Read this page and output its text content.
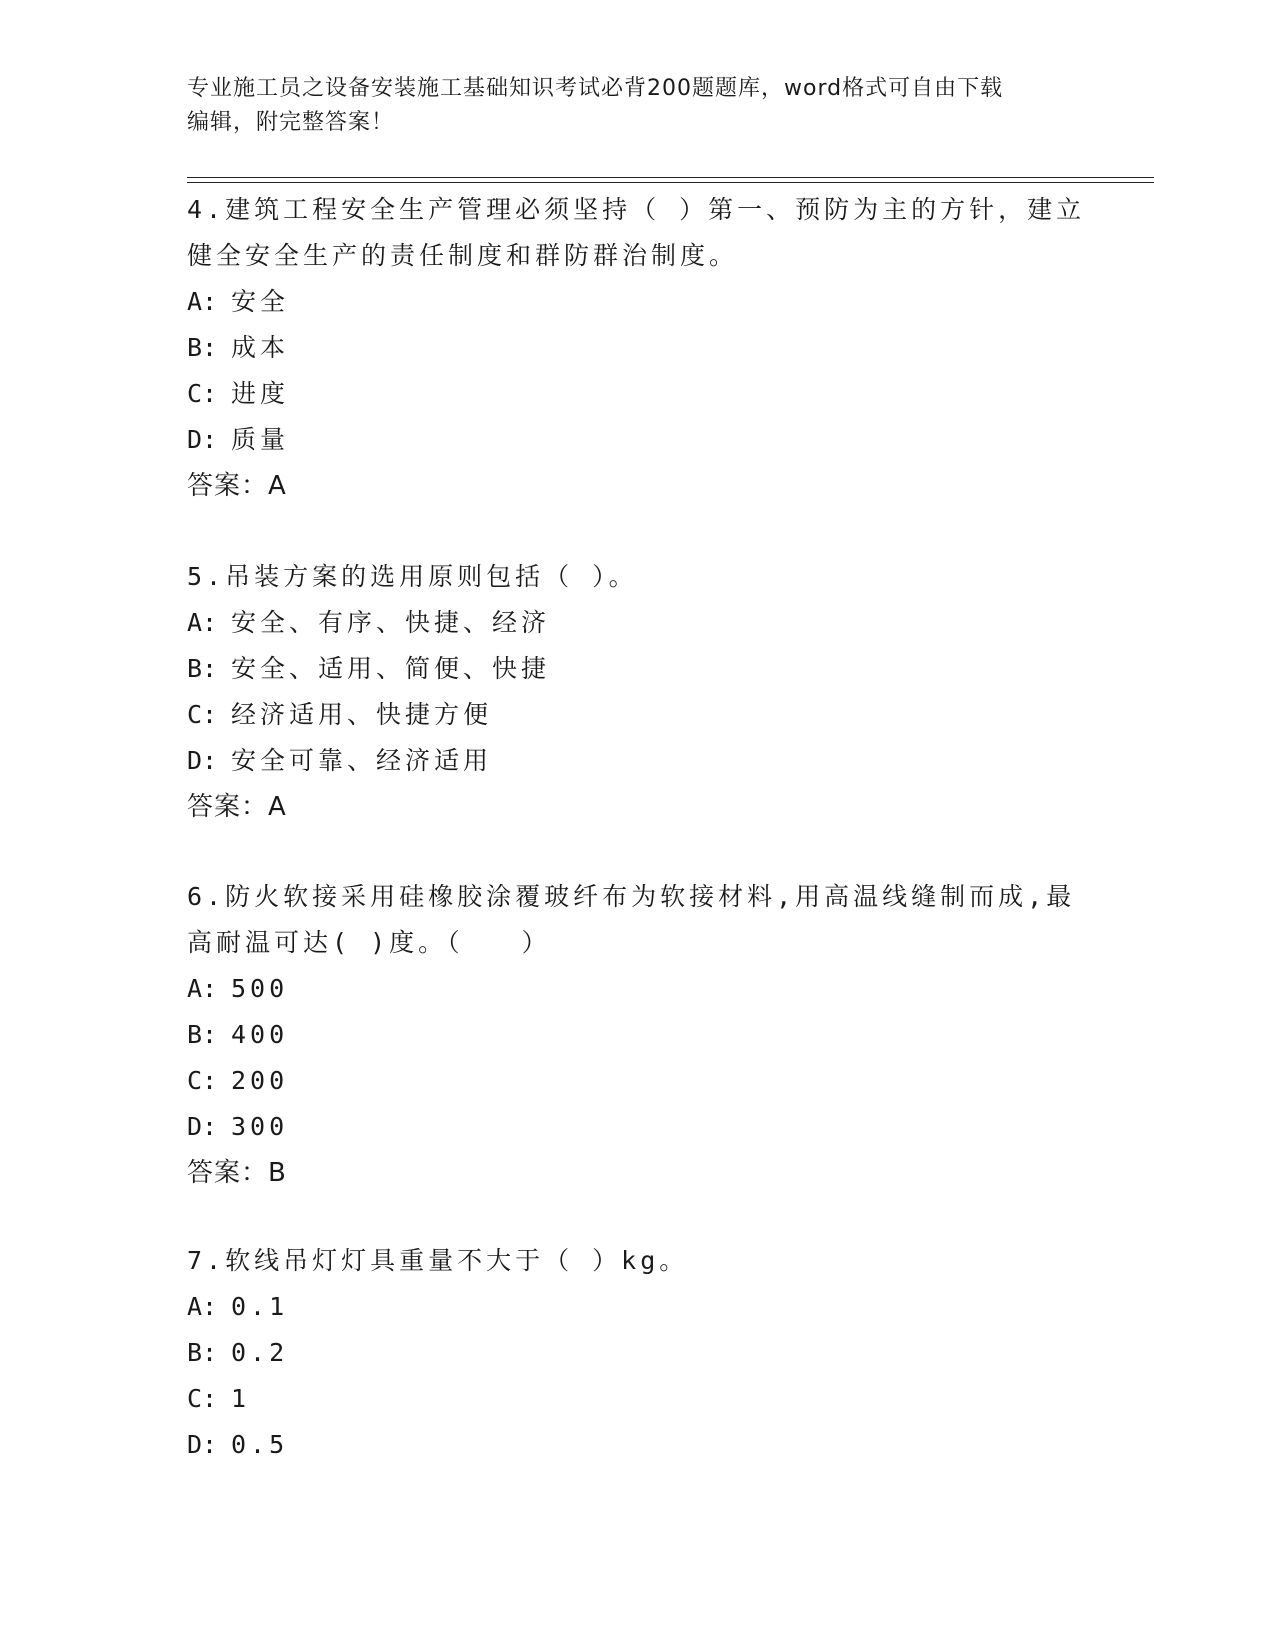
专业施工员之设备安装施工基础知识考试必背200题题库，word格式可自由下载
编辑，附完整答案！
4.建筑工程安全生产管理必须坚持（ ）第一、预防为主的方针，建立
健全安全生产的责任制度和群防群治制度。
A: 安全
B: 成本
C: 进度
D: 质量
答案：A
5.吊装方案的选用原则包括（ ）。
A: 安全、有序、快捷、经济
B: 安全、适用、简便、快捷
C: 经济适用、快捷方便
D: 安全可靠、经济适用
答案：A
6.防火软接采用硅橡胶涂覆玻纤布为软接材料,用高温线缝制而成,最
高耐温可达( )度。（　　）
A: 500
B: 400
C: 200
D: 300
答案：B
7.软线吊灯灯具重量不大于（ ）kg。
A: 0.1
B: 0.2
C: 1
D: 0.5
